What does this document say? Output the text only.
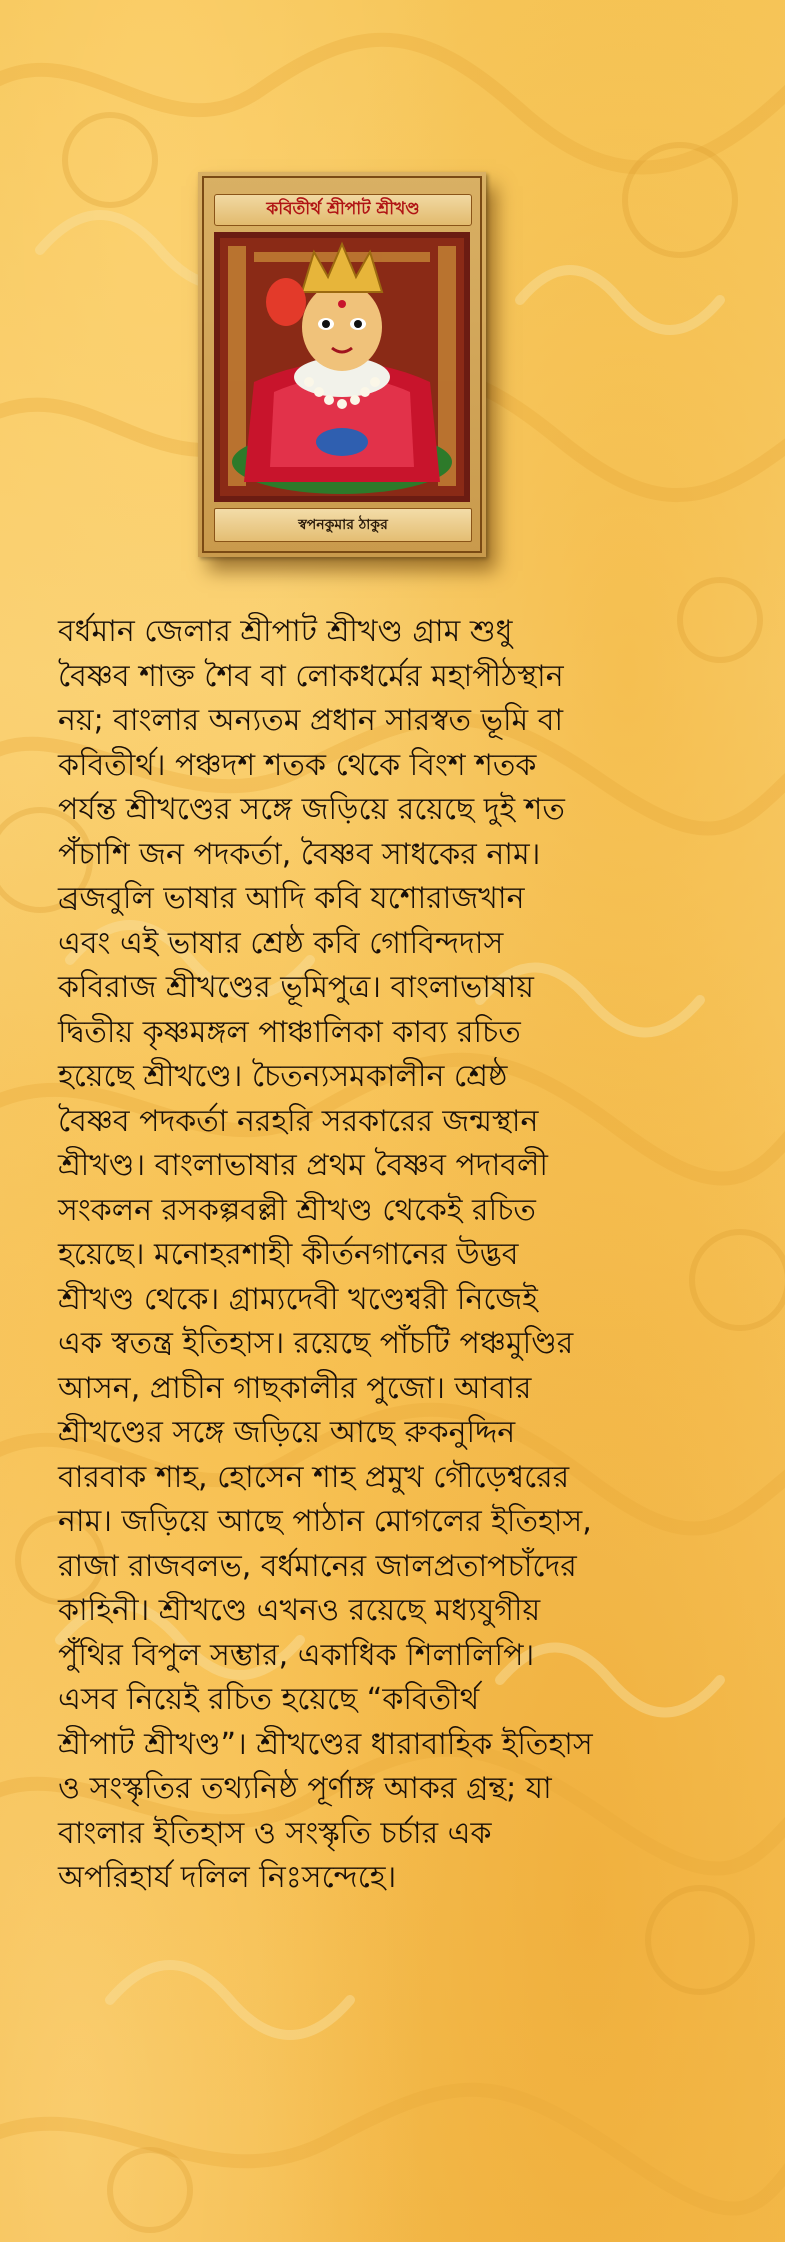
কবিতীর্থ শ্রীপাট শ্রীখণ্ড
স্বপনকুমার ঠাকুর
বর্ধমান জেলার শ্রীপাট শ্রীখণ্ড গ্রাম শুধু
বৈষ্ণব শাক্ত শৈব বা লোকধর্মের মহাপীঠস্থান
নয়; বাংলার অন্যতম প্রধান সারস্বত ভূমি বা
কবিতীর্থ। পঞ্চদশ শতক থেকে বিংশ শতক
পর্যন্ত শ্রীখণ্ডের সঙ্গে জড়িয়ে রয়েছে দুই শত
পঁচাশি জন পদকর্তা, বৈষ্ণব সাধকের নাম।
ব্রজবুলি ভাষার আদি কবি যশোরাজখান
এবং এই ভাষার শ্রেষ্ঠ কবি গোবিন্দদাস
কবিরাজ শ্রীখণ্ডের ভূমিপুত্র। বাংলাভাষায়
দ্বিতীয় কৃষ্ণমঙ্গল পাঞ্চালিকা কাব্য রচিত
হয়েছে শ্রীখণ্ডে। চৈতন্যসমকালীন শ্রেষ্ঠ
বৈষ্ণব পদকর্তা নরহরি সরকারের জন্মস্থান
শ্রীখণ্ড। বাংলাভাষার প্রথম বৈষ্ণব পদাবলী
সংকলন রসকল্পবল্লী শ্রীখণ্ড থেকেই রচিত
হয়েছে। মনোহরশাহী কীর্তনগানের উদ্ভব
শ্রীখণ্ড থেকে। গ্রাম্যদেবী খণ্ডেশ্বরী নিজেই
এক স্বতন্ত্র ইতিহাস। রয়েছে পাঁচটি পঞ্চমুণ্ডির
আসন, প্রাচীন গাছকালীর পুজো। আবার
শ্রীখণ্ডের সঙ্গে জড়িয়ে আছে রুকনুদ্দিন
বারবাক শাহ, হোসেন শাহ প্রমুখ গৌড়েশ্বরের
নাম। জড়িয়ে আছে পাঠান মোগলের ইতিহাস,
রাজা রাজবলভ, বর্ধমানের জালপ্রতাপচাঁদের
কাহিনী। শ্রীখণ্ডে এখনও রয়েছে মধ্যযুগীয়
পুঁথির বিপুল সম্ভার, একাধিক শিলালিপি।
এসব নিয়েই রচিত হয়েছে “কবিতীর্থ
শ্রীপাট শ্রীখণ্ড”। শ্রীখণ্ডের ধারাবাহিক ইতিহাস
ও সংস্কৃতির তথ্যনিষ্ঠ পূর্ণাঙ্গ আকর গ্রন্থ; যা
বাংলার ইতিহাস ও সংস্কৃতি চর্চার এক
অপরিহার্য দলিল নিঃসন্দেহে।
